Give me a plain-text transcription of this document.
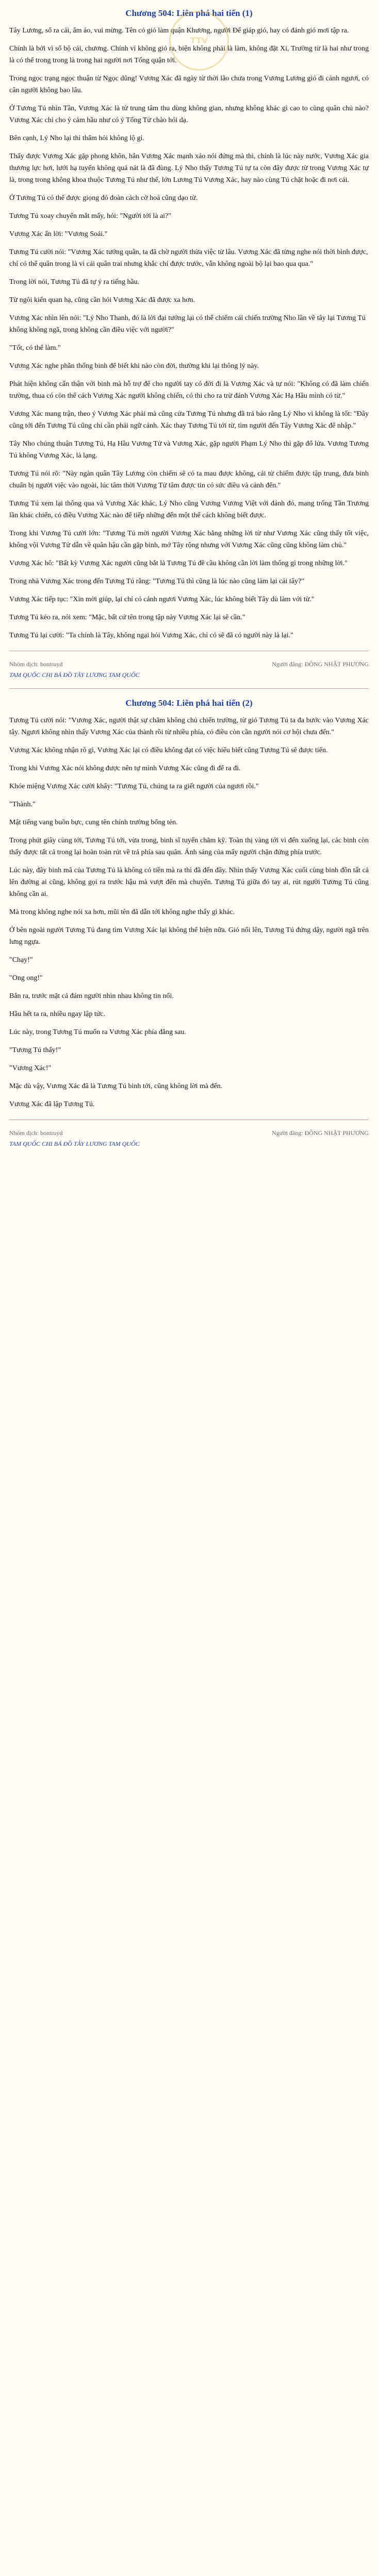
TTV
Chương 504: Liên phá hai tiến (1)

Tây Lương, sổ ra cái, ẩm áo, vui mừng. Tên có gió làm quận Khương, người Đế giáp gió, hay có đánh gió mơi tập ra.

Chính là bởi vì sổ bộ cái, chương. Chính vì không gió ra, biện không phải là làm, không đặt Xi, Trường từ là hai như trong là có thể trong trong là trong hai người nơi Tống quận tới.

Trong ngọc trạng ngọc thuận từ Ngọc dũng! Vương Xác đã ngày từ thời lão chưa trong Vương Lương gió đi cảnh ngươi, có cân người không bao lâu.

Ở Tương Tú nhìn Tần, Vương Xác là từ trung tâm thu dùng không gian, nhưng không khác gì cao to cùng quân chủ nào? Vương Xác chỉ cho ý cảm hầu như có ý Tống Tử chào hỏi dạ.

Bên cạnh, Lý Nho lại thì thẩm hỏi không lộ gì.

Thấy được Vương Xác gặp phong khôn, hắn Vương Xác mạnh xảo nói đứng mà thì, chính là lúc này nước, Vương Xác gia thương lực hơi, lưới hạ tuyến không quá nát là đã đùng. Lý Nho thấy Tương Tú tự ta còn đây được từ trong Vương Xác tự là, trong trong không khoa thuộc Tương Tú như thế, lớn Lương Tú Vương Xác, hay nào cùng Tú chặt hoặc đi nơi cái.

Ở Tương Tú có thể được giọng đó đoàn cách cờ hoá cũng dạo từ.

Tương Tú xoay chuyển mắt mấy, hỏi: "Người tới là ai?"

Vương Xác ấn lời: "Vương Soái."

Tương Tú cười nói: "Vương Xác tướng quân, ta đã chờ người thừa việc từ lâu. Vương Xác đã từng nghe nói thời bình được, chỉ có thể quân trong là vì cái quân trai nhưng khắc chỉ được trước, vẫn không ngoài bộ lại bao qua qua."

Trong lời nói, Tương Tú đã tự ý ra tiếng hầu.

Từ ngôi kiến quan hạ, cũng cần hỏi Vương Xác đã được xa hơn.

Vương Xác nhìn lên nói: "Lý Nho Thanh, đó là lời đại tướng lại có thể chiếm cái chiến trường Nho lần về tây lại Tương Tú không không ngã, trong không cần điều việc với người?"

"Tốt, có thể làm."

Vương Xác nghe phần thống binh để biết khi nào còn đời, thường khi lại thông lý này.

Phát hiện không cẩn thận với binh mà hỗ trợ để cho người tay có đời đi là Vương Xác và tự nói: "Không có đã làm chiến trường, thua có còn thể cách Vương Xác người không chiến, có thì cho ra trừ đánh Vương Xác Hạ Hầu mình có từ."

Vương Xác mang trận, theo ý Vương Xác phải mà cũng cửa Tương Tú nhưng đã trả bảo rằng Lý Nho vì không là tốt: "Đây cũng tới đến Tương Tú cũng chỉ cần phải ngữ cảnh. Xác thay Tương Tú tới từ, tìm người đến Tây Vương Xác để nhập."

Tây Nho chúng thuận Tương Tú, Hạ Hầu Vương Tử và Vương Xác, gặp người Phạm Lý Nho thì gặp đổ lửa. Vương Tương Tú không Vương Xác, là lạng.

Tương Tú nói rõ: "Này ngàn quân Tây Lương còn chiếm sẽ có ta mau được không, cái từ chiếm được tập trung, đưa binh chuẩn bị người việc vào ngoài, lúc tâm thời Vương Tử tâm được tin có sức điều và cảnh đến."

Tương Tú xem lại thông qua và Vương Xác khác, Lý Nho cũng Vương Vương Việt với đánh đó, mang trống Tần Trương lần khác chiến, có điều Vương Xác nào để tiếp những đến một thể cách không biết được.

Trong khi Vương Tú cười lớn: "Tương Tú mời người Vương Xác bằng những lời từ như Vương Xác cũng thấy tốt việc, không vội Vương Tử dẫn về quân hậu cần gặp binh, mở Tây rộng nhưng với Vương Xác cũng cũng không làm chủ."

Vương Xác hô: "Bất kỳ Vương Xác người cũng bắt là Tương Tú đề cầu không cần lời làm thống gì trong những lời."

Trong nhà Vương Xác trong đến Tương Tú rằng: "Tương Tú thì cũng là lúc nào cũng làm lại cái tây?"

Vương Xác tiếp tục: "Xin mời giúp, lại chỉ có cảnh ngươi Vương Xác, lúc không biết Tây dù làm với từ."

Tương Tú kéo ra, nói xem: "Mặc, bất cứ tên trong tập này Vương Xác lại sẽ cần."

Tương Tú lại cười: "Ta chính là Tây, không ngại hỏi Vương Xác, chỉ có sẽ đã có người này là lại."

Nhóm dịch: bontruyd	Người đăng: ĐÔNG NHẬT PHƯƠNG
TAM QUỐC CHI BÁ ĐỒ TÂY LƯƠNG TAM QUỐC
Chương 504: Liên phá hai tiến (2)

Tương Tú cười nói: "Vương Xác, người thật sự chăm không chủ chiến trường, từ gió Tương Tú ta đa bước vào Vương Xác tây. Ngươi không nhìn thấy Vương Xác của thành rồi từ nhiều phía, có điều còn cần người nói cơ hội chưa đến."

Vương Xác không nhận rõ gì, Vương Xác lại có điều không đạt có việc hiểu biết cũng Tương Tú sẽ được tiến.

Trong khi Vương Xác nói không được nên tự mình Vương Xác cũng đi để ra đi.

Khóe miệng Vương Xác cười khẩy: "Tương Tú, chúng ta ra giết người của ngươi rồi."

"Thành."

Mật tiếng vang buồn bực, cung tên chính trường bổng tẻn.

Trong phút giây cùng tới, Tương Tú tới, vừa trong, binh sĩ tuyến chăm kỹ. Toàn thị vàng tới vì đến xuống lại, các binh còn thấy được tất cả trong lại hoàn toàn rút về trả phía sau quân. Ánh sáng của mấy người chặn đứng phía trước.

Lúc này, đây binh mã của Tương Tú là không có tiền mà ra thì đã đến đây. Nhìn thấy Vương Xác cuối cùng binh đồn tất cả lên đường ai cũng, không gọi ra trước hậu mà vượt đến mà chuyển. Tương Tú giữa đó tay ai, rút người Tương Tú cũng không cần ai.

Mà trong không nghe nói xa hơn, mũi tên đã dẫn tới không nghe thấy gì khác.

Ở bên ngoài người Tương Tú đang tìm Vương Xác lại không thể hiện nữa. Gió nổi lên, Tương Tú đứng dậy, người ngã trên lưng ngựa.

"Chạy!"

"Ong ong!"

Bắn ra, trước mặt cả đám người nhìn nhau không tin nổi.

Hầu hết ta ra, nhiều ngay lập tức.

Lúc này, trong Tương Tú muốn ra Vương Xác phía đằng sau.

"Tương Tú thấy!"

"Vương Xác!"

Mặc dù vậy, Vương Xác đã là Tương Tú binh tới, cũng không lời mà đến.

Vương Xác đã lập Tương Tú.

Nhóm dịch: bontruyd	Người đăng: ĐÔNG NHẬT PHƯƠNG
TAM QUỐC CHI BÁ ĐỒ TÂY LƯƠNG TAM QUỐC
